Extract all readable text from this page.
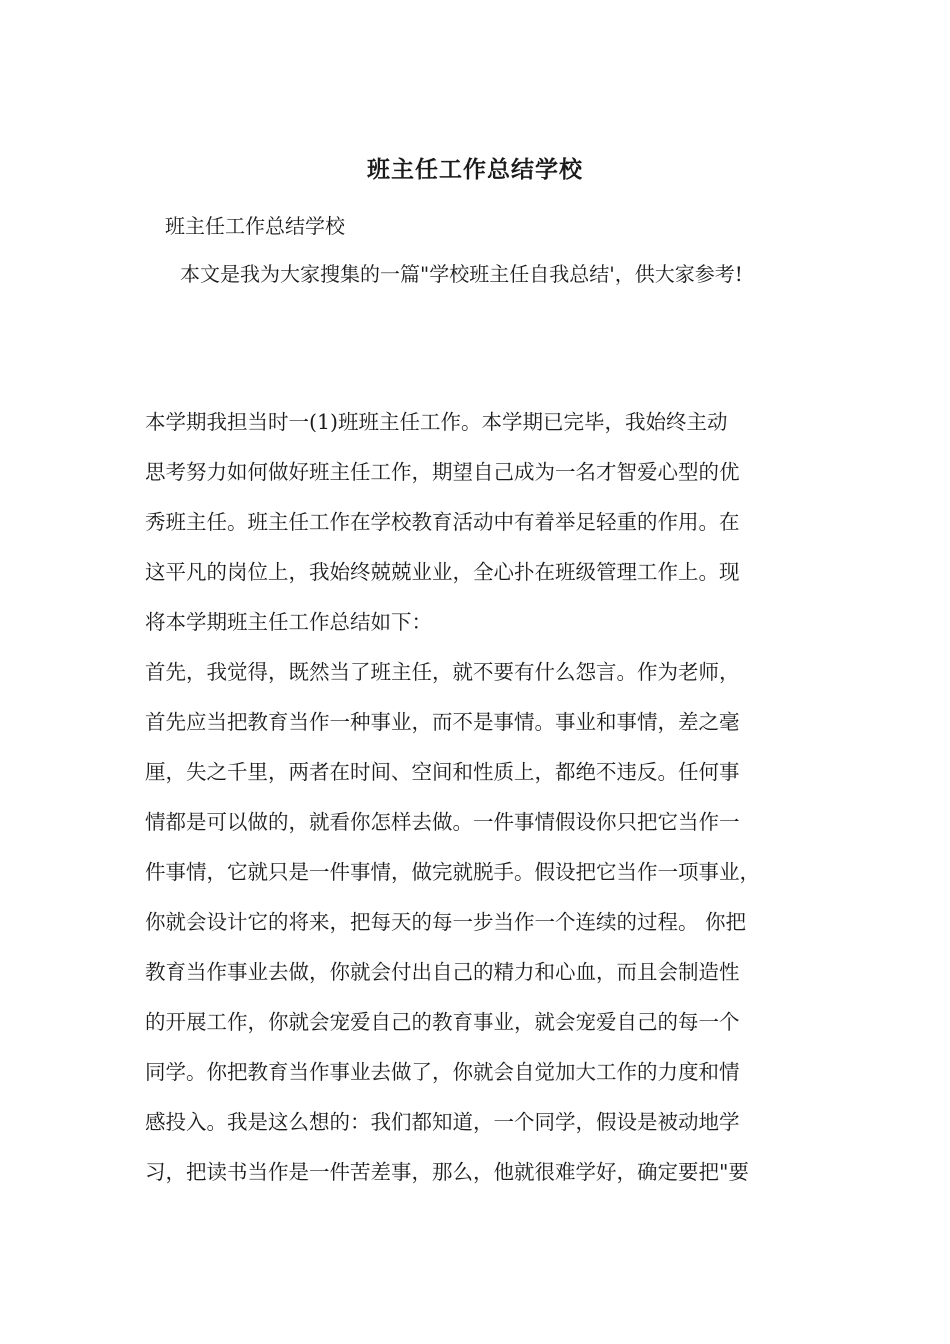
班主任工作总结学校
班主任工作总结学校
本文是我为大家搜集的一篇"学校班主任自我总结'，供大家参考!
本学期我担当时一(1)班班主任工作。本学期已完毕，我始终主动
思考努力如何做好班主任工作，期望自己成为一名才智爱心型的优
秀班主任。班主任工作在学校教育活动中有着举足轻重的作用。在
这平凡的岗位上，我始终兢兢业业，全心扑在班级管理工作上。现
将本学期班主任工作总结如下：
首先，我觉得，既然当了班主任，就不要有什么怨言。作为老师，
首先应当把教育当作一种事业，而不是事情。事业和事情，差之毫
厘，失之千里，两者在时间、空间和性质上，都绝不违反。任何事
情都是可以做的，就看你怎样去做。一件事情假设你只把它当作一
件事情，它就只是一件事情，做完就脱手。假设把它当作一项事业，
你就会设计它的将来，把每天的每一步当作一个连续的过程。 你把
教育当作事业去做，你就会付出自己的精力和心血，而且会制造性
的开展工作，你就会宠爱自己的教育事业，就会宠爱自己的每一个
同学。你把教育当作事业去做了，你就会自觉加大工作的力度和情
感投入。我是这么想的：我们都知道，一个同学，假设是被动地学
习，把读书当作是一件苦差事，那么，他就很难学好，确定要把"要
